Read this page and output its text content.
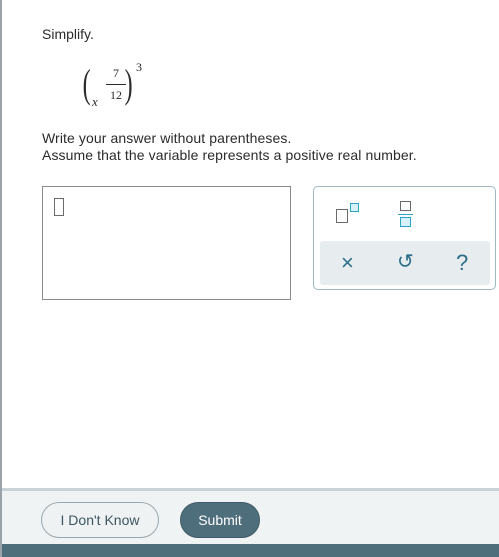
Simplify.
( x
7
12 ) 3
Write your answer without parentheses.
Assume that the variable represents a positive real number.
× ↺ ?
I Don't Know	Submit
